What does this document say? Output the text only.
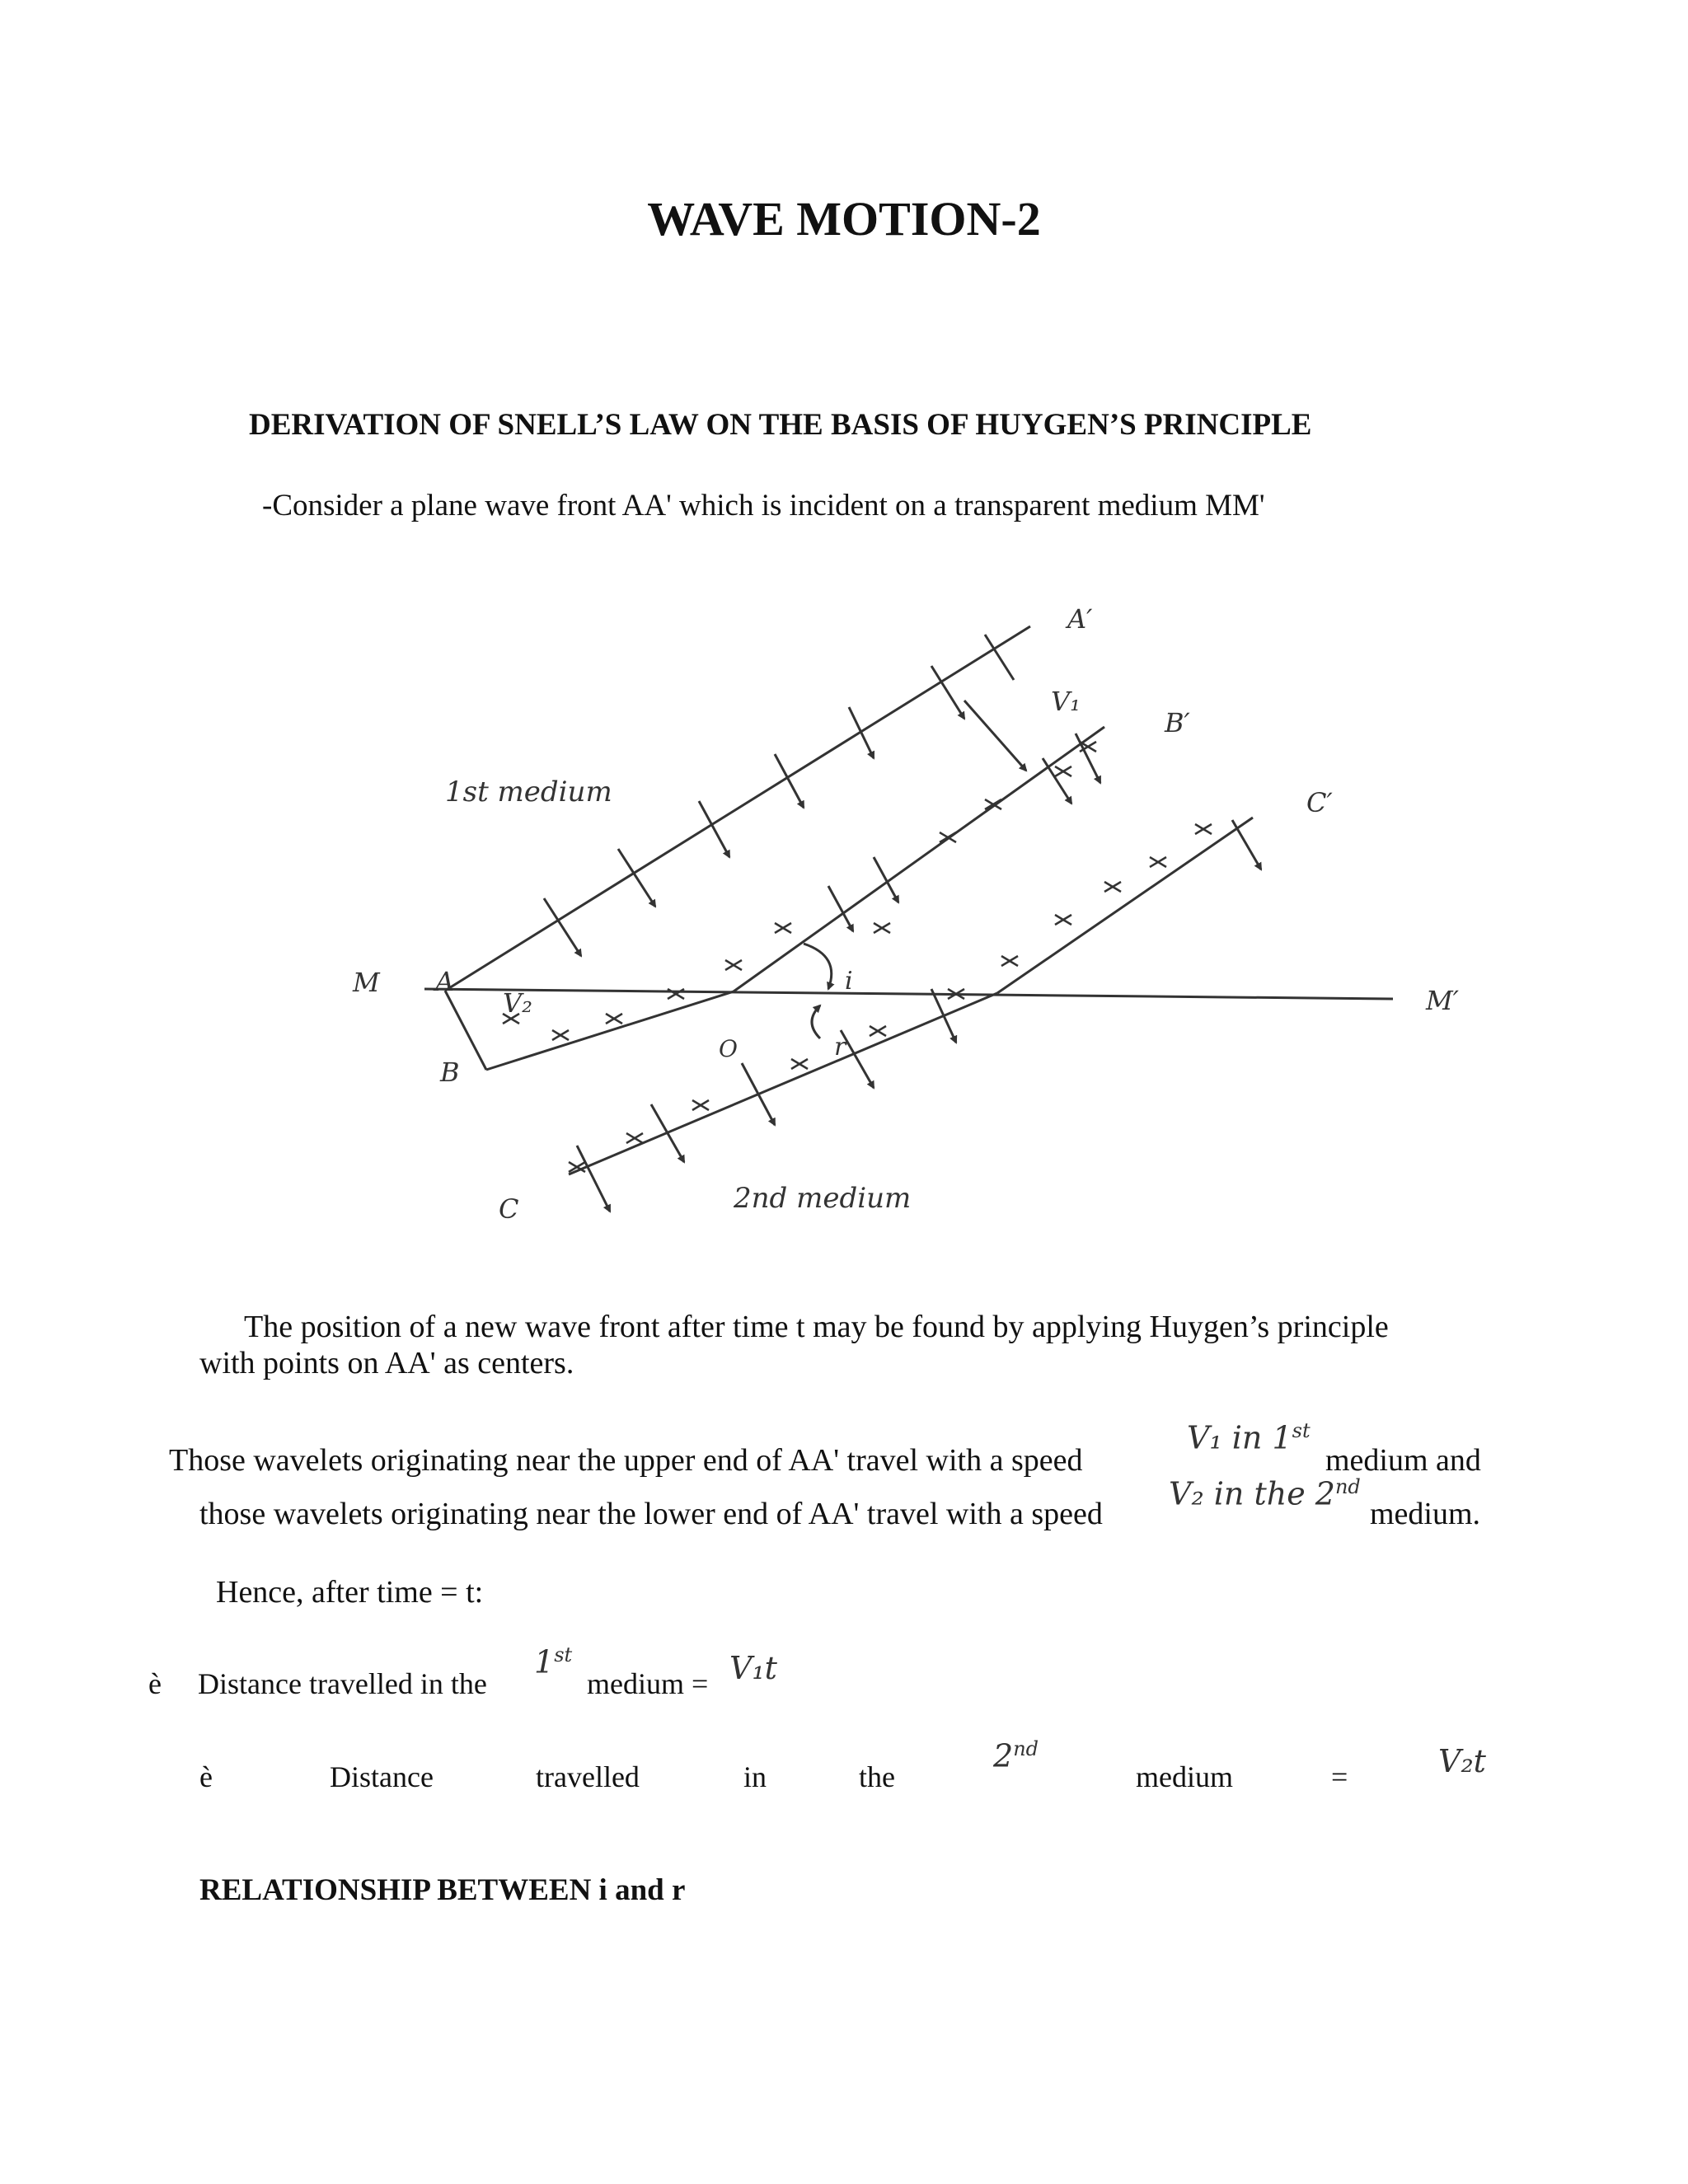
WAVE MOTION-2
DERIVATION OF SNELL’S LAW ON THE BASIS OF HUYGEN’S PRINCIPLE
-Consider a plane wave front AA' which is incident on a transparent medium MM'
A′
V₁
B′
C′
1st medium
M A
V₂
i
r
O
M′
B
C	2nd medium
The position of a new wave front after time t may be found by applying Huygen’s principle
with points on AA' as centers.
Those wavelets originating near the upper end of AA' travel with a speed
V₁ in 1st
medium and
those wavelets originating near the lower end of AA' travel with a speed
V₂ in the 2nd
medium.
Hence, after time = t:
è Distance travelled in the
1st
medium = V₁t
è	Distance	travelled	in	the
2nd
medium	=	V₂t
RELATIONSHIP BETWEEN i and r
